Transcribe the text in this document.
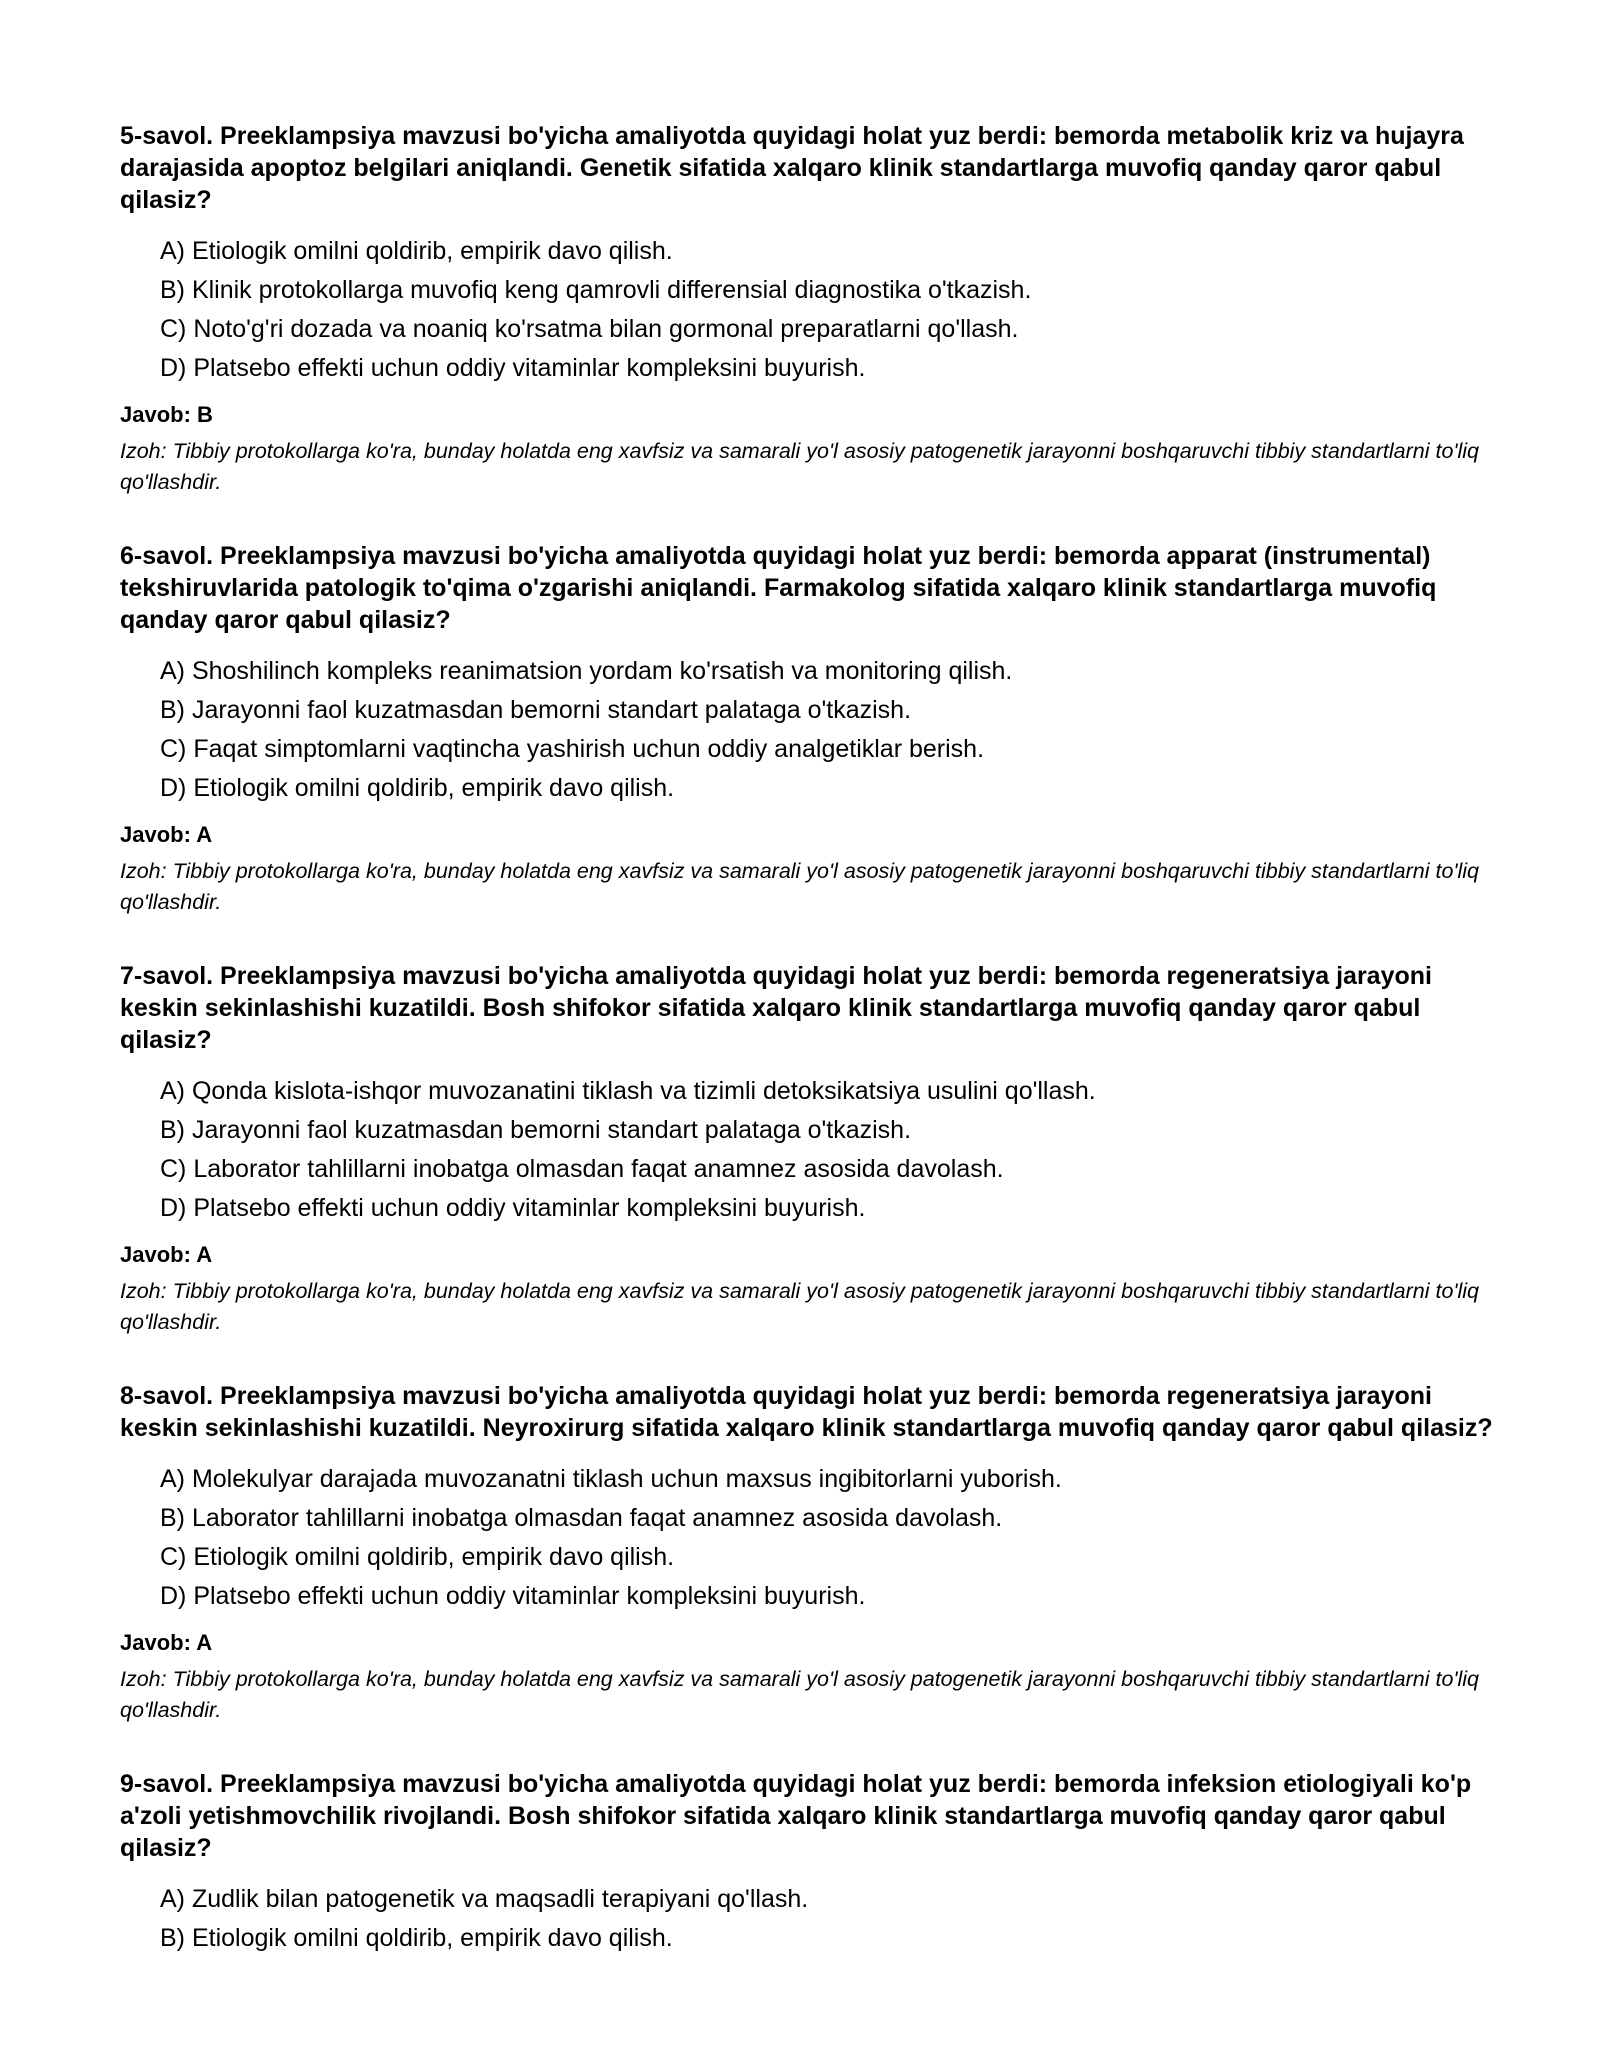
5-savol. Preeklampsiya mavzusi bo'yicha amaliyotda quyidagi holat yuz berdi: bemorda metabolik kriz va hujayra darajasida apoptoz belgilari aniqlandi. Genetik sifatida xalqaro klinik standartlarga muvofiq qanday qaror qabul qilasiz?

A) Etiologik omilni qoldirib, empirik davo qilish.
B) Klinik protokollarga muvofiq keng qamrovli differensial diagnostika o'tkazish.
C) Noto'g'ri dozada va noaniq ko'rsatma bilan gormonal preparatlarni qo'llash.
D) Platsebo effekti uchun oddiy vitaminlar kompleksini buyurish.
Javob: B
Izoh: Tibbiy protokollarga ko'ra, bunday holatda eng xavfsiz va samarali yo'l asosiy patogenetik jarayonni boshqaruvchi tibbiy standartlarni to'liq qo'llashdir.

6-savol. Preeklampsiya mavzusi bo'yicha amaliyotda quyidagi holat yuz berdi: bemorda apparat (instrumental) tekshiruvlarida patologik to'qima o'zgarishi aniqlandi. Farmakolog sifatida xalqaro klinik standartlarga muvofiq qanday qaror qabul qilasiz?

A) Shoshilinch kompleks reanimatsion yordam ko'rsatish va monitoring qilish.
B) Jarayonni faol kuzatmasdan bemorni standart palataga o'tkazish.
C) Faqat simptomlarni vaqtincha yashirish uchun oddiy analgetiklar berish.
D) Etiologik omilni qoldirib, empirik davo qilish.
Javob: A
Izoh: Tibbiy protokollarga ko'ra, bunday holatda eng xavfsiz va samarali yo'l asosiy patogenetik jarayonni boshqaruvchi tibbiy standartlarni to'liq qo'llashdir.

7-savol. Preeklampsiya mavzusi bo'yicha amaliyotda quyidagi holat yuz berdi: bemorda regeneratsiya jarayoni keskin sekinlashishi kuzatildi. Bosh shifokor sifatida xalqaro klinik standartlarga muvofiq qanday qaror qabul qilasiz?

A) Qonda kislota-ishqor muvozanatini tiklash va tizimli detoksikatsiya usulini qo'llash.
B) Jarayonni faol kuzatmasdan bemorni standart palataga o'tkazish.
C) Laborator tahlillarni inobatga olmasdan faqat anamnez asosida davolash.
D) Platsebo effekti uchun oddiy vitaminlar kompleksini buyurish.
Javob: A
Izoh: Tibbiy protokollarga ko'ra, bunday holatda eng xavfsiz va samarali yo'l asosiy patogenetik jarayonni boshqaruvchi tibbiy standartlarni to'liq qo'llashdir.

8-savol. Preeklampsiya mavzusi bo'yicha amaliyotda quyidagi holat yuz berdi: bemorda regeneratsiya jarayoni keskin sekinlashishi kuzatildi. Neyroxirurg sifatida xalqaro klinik standartlarga muvofiq qanday qaror qabul qilasiz?

A) Molekulyar darajada muvozanatni tiklash uchun maxsus ingibitorlarni yuborish.
B) Laborator tahlillarni inobatga olmasdan faqat anamnez asosida davolash.
C) Etiologik omilni qoldirib, empirik davo qilish.
D) Platsebo effekti uchun oddiy vitaminlar kompleksini buyurish.
Javob: A
Izoh: Tibbiy protokollarga ko'ra, bunday holatda eng xavfsiz va samarali yo'l asosiy patogenetik jarayonni boshqaruvchi tibbiy standartlarni to'liq qo'llashdir.

9-savol. Preeklampsiya mavzusi bo'yicha amaliyotda quyidagi holat yuz berdi: bemorda infeksion etiologiyali ko'p a'zoli yetishmovchilik rivojlandi. Bosh shifokor sifatida xalqaro klinik standartlarga muvofiq qanday qaror qabul qilasiz?

A) Zudlik bilan patogenetik va maqsadli terapiyani qo'llash.
B) Etiologik omilni qoldirib, empirik davo qilish.
